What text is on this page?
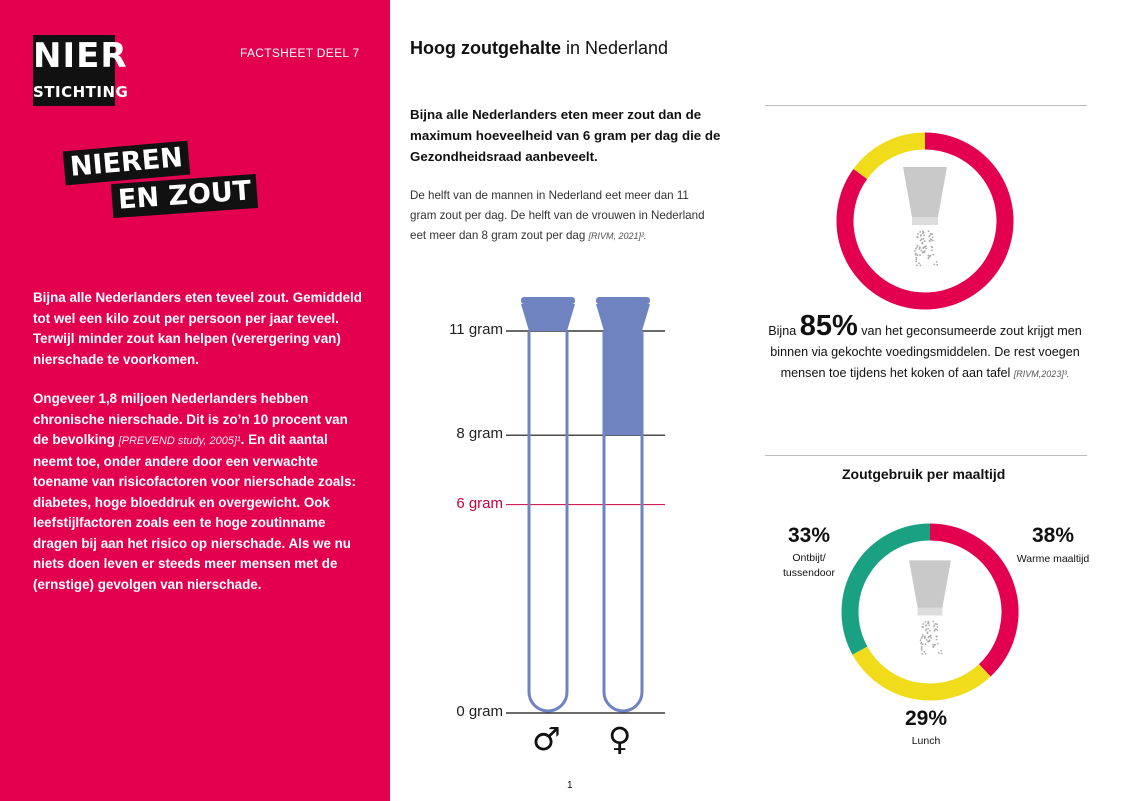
NIER
STICHTING
FACTSHEET DEEL 7
NIEREN
EN ZOUT
Bijna alle Nederlanders eten teveel zout. Gemiddeld tot wel een kilo zout per persoon per jaar teveel. Terwijl minder zout kan helpen (verergering van) nierschade te voorkomen.
Ongeveer 1,8 miljoen Nederlanders hebben chronische nierschade. Dit is zo’n 10 procent van de bevolking [PREVEND study, 2005]¹. En dit aantal neemt toe, onder andere door een verwachte toename van risicofactoren voor nierschade zoals: diabetes, hoge bloeddruk en overgewicht. Ook leefstijlfactoren zoals een te hoge zoutinname dragen bij aan het risico op nierschade. Als we nu niets doen leven er steeds meer mensen met de (ernstige) gevolgen van nierschade.
Hoog zoutgehalte in Nederland
Bijna alle Nederlanders eten meer zout dan de maximum hoeveelheid van 6 gram per dag die de Gezondheidsraad aanbeveelt.
De helft van de mannen in Nederland eet meer dan 11 gram zout per dag. De helft van de vrouwen in Nederland eet meer dan 8 gram zout per dag [RIVM, 2021]².
11 gram
8 gram
6 gram
0 gram
♂ ♀
Bijna 85% van het geconsumeerde zout krijgt men binnen via gekochte voedingsmiddelen. De rest voegen mensen toe tijdens het koken of aan tafel [RIVM,2023]³.
Zoutgebruik per maaltijd
33%
Ontbijt/
tussendoor
38%
Warme maaltijd
29%
Lunch
1
